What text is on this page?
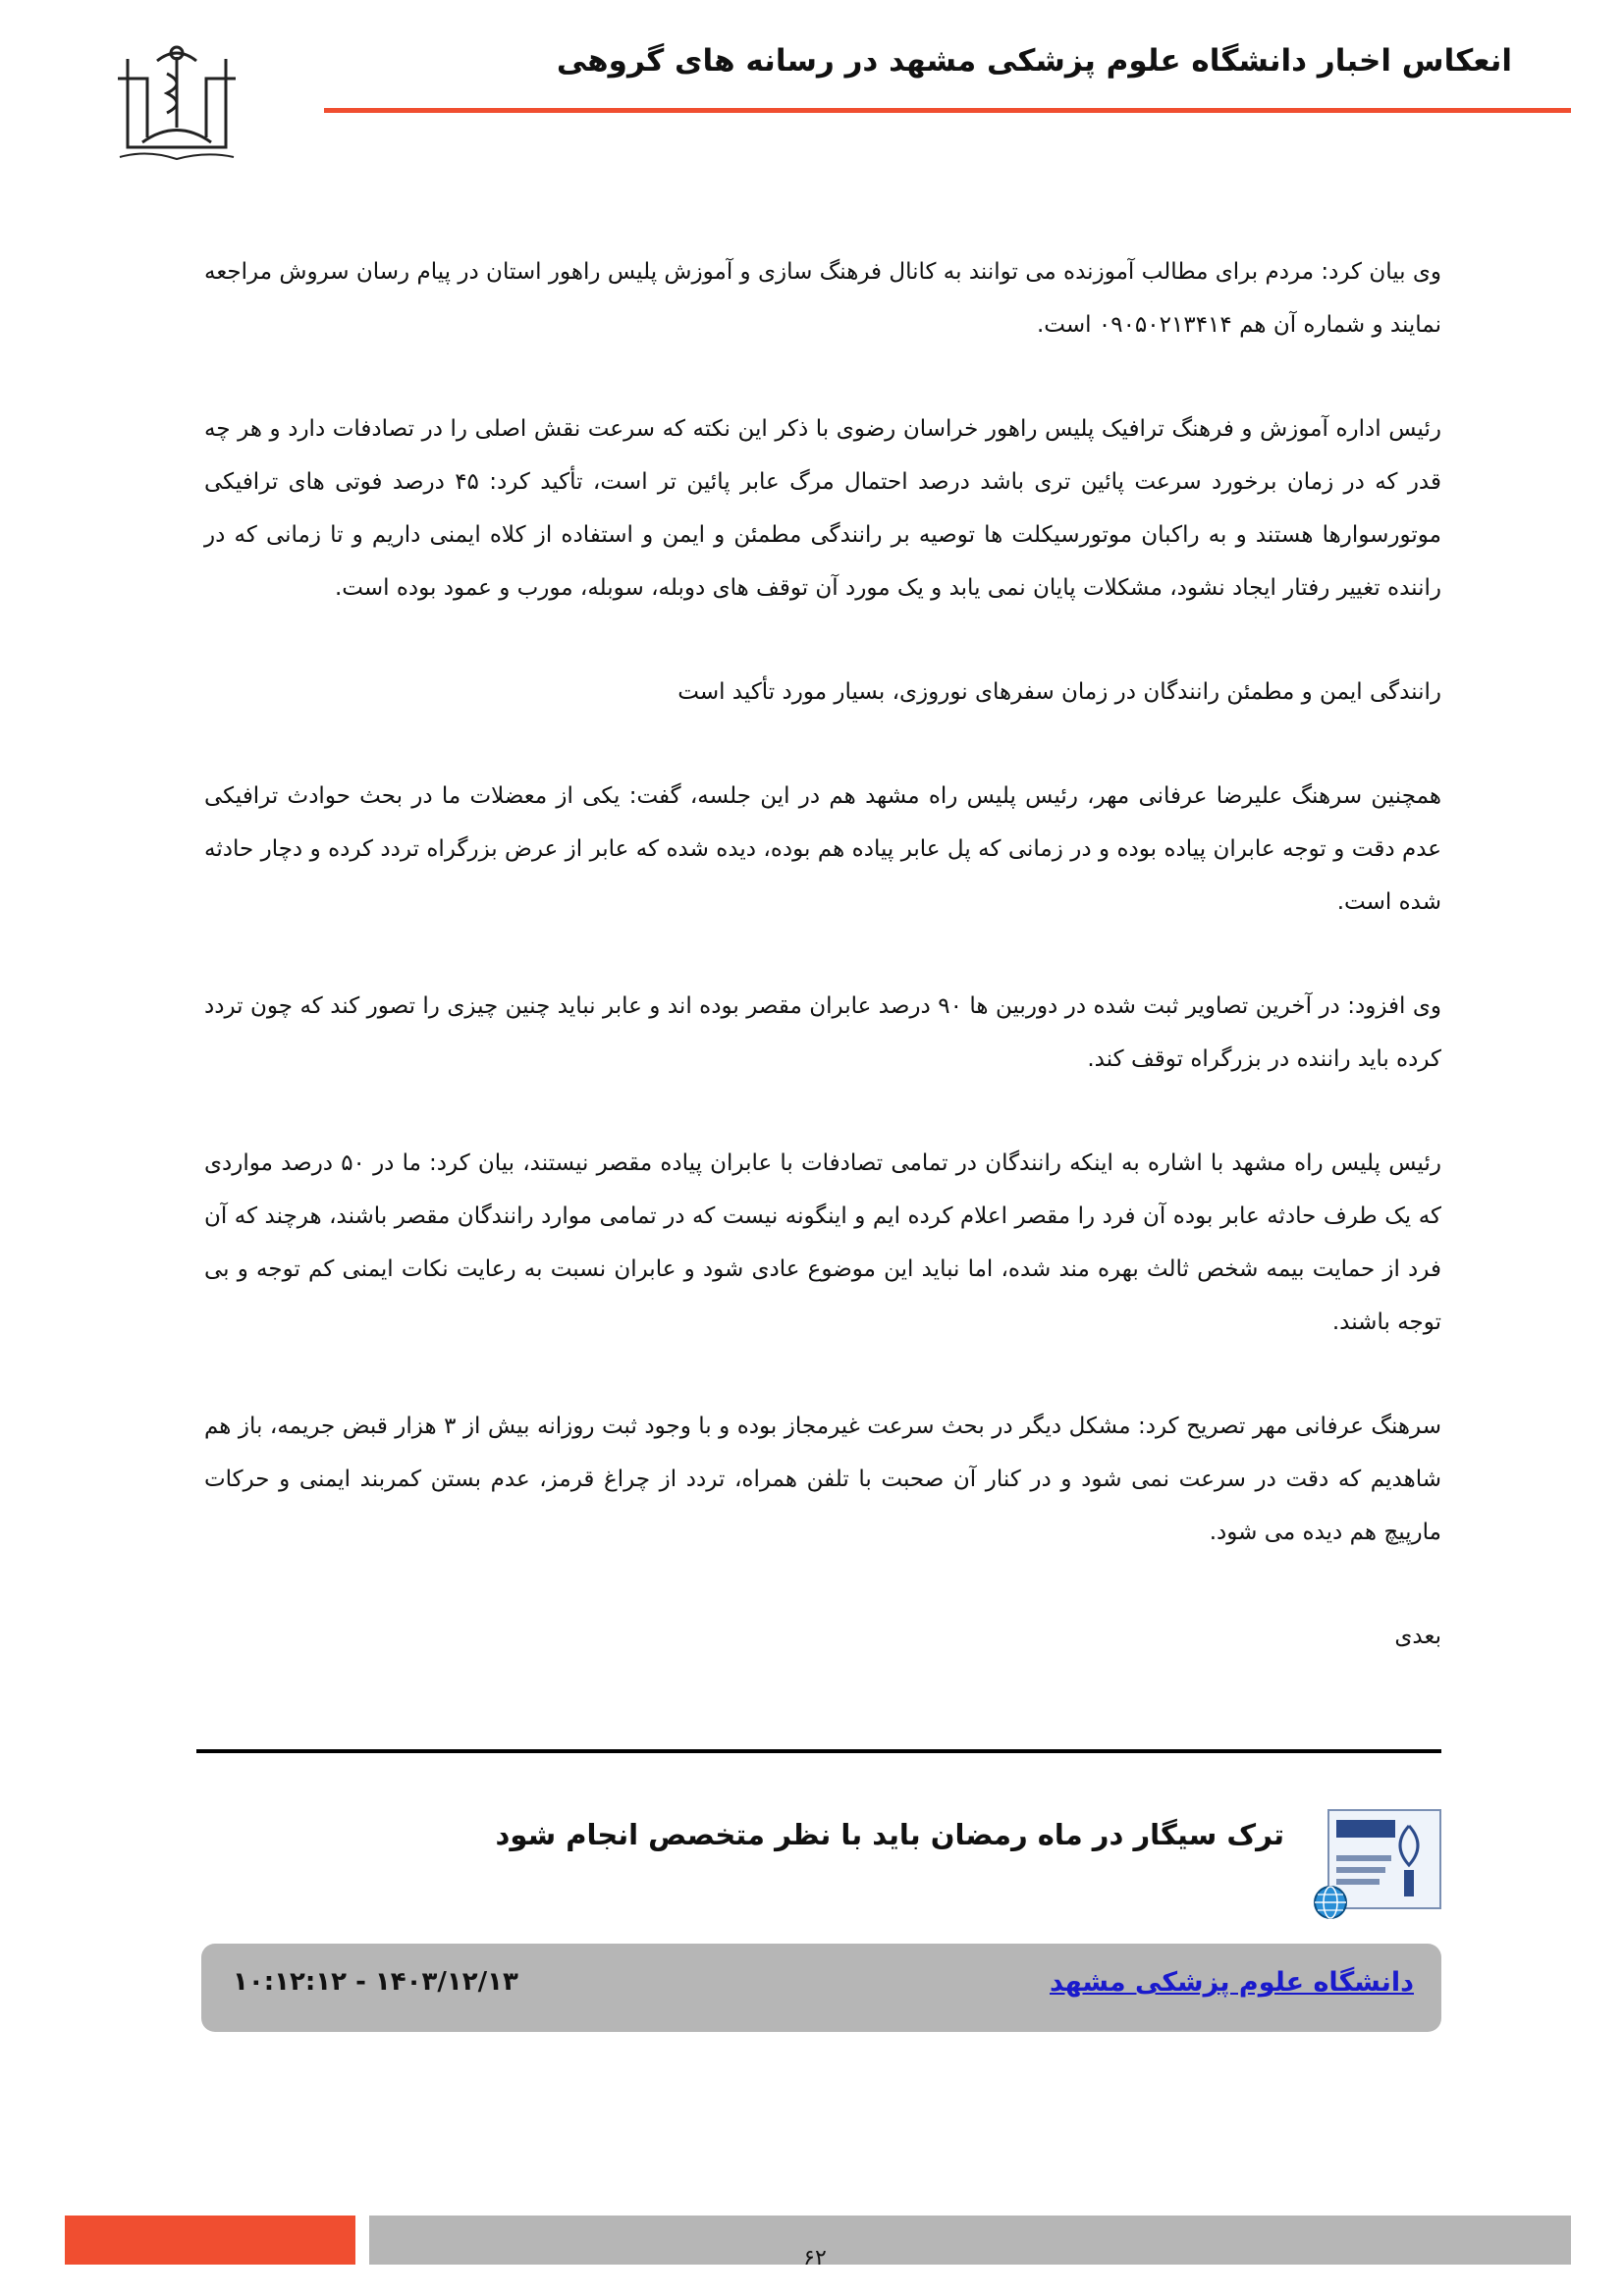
انعکاس اخبار دانشگاه علوم پزشکی مشهد در رسانه های گروهی

وی بیان کرد: مردم برای مطالب آموزنده می توانند به کانال فرهنگ سازی و آموزش پلیس راهور استان در پیام رسان سروش مراجعه نمایند و شماره آن هم ۰۹۰۵۰۲۱۳۴۱۴ است.

رئیس اداره آموزش و فرهنگ ترافیک پلیس راهور خراسان رضوی با ذکر این نکته که سرعت نقش اصلی را در تصادفات دارد و هر چه قدر که در زمان برخورد سرعت پائین تری باشد درصد احتمال مرگ عابر پائین تر است، تأکید کرد: ۴۵ درصد فوتی های ترافیکی موتورسوارها هستند و به راکبان موتورسیکلت ها توصیه بر رانندگی مطمئن و ایمن و استفاده از کلاه ایمنی داریم و تا زمانی که در راننده تغییر رفتار ایجاد نشود، مشکلات پایان نمی یابد و یک مورد آن توقف های دوبله، سوبله، مورب و عمود بوده است.

رانندگی ایمن و مطمئن رانندگان در زمان سفرهای نوروزی، بسیار مورد تأکید است

همچنین سرهنگ علیرضا عرفانی مهر، رئیس پلیس راه مشهد هم در این جلسه، گفت: یکی از معضلات ما در بحث حوادث ترافیکی عدم دقت و توجه عابران پیاده بوده و در زمانی که پل عابر پیاده هم بوده، دیده شده که عابر از عرض بزرگراه تردد کرده و دچار حادثه شده است.

وی افزود: در آخرین تصاویر ثبت شده در دوربین ها ۹۰ درصد عابران مقصر بوده اند و عابر نباید چنین چیزی را تصور کند که چون تردد کرده باید راننده در بزرگراه توقف کند.

رئیس پلیس راه مشهد با اشاره به اینکه رانندگان در تمامی تصادفات با عابران پیاده مقصر نیستند، بیان کرد: ما در ۵۰ درصد مواردی که یک طرف حادثه عابر بوده آن فرد را مقصر اعلام کرده ایم و اینگونه نیست که در تمامی موارد رانندگان مقصر باشند، هرچند که آن فرد از حمایت بیمه شخص ثالث بهره مند شده، اما نباید این موضوع عادی شود و عابران نسبت به رعایت نکات ایمنی کم توجه و بی توجه باشند.

سرهنگ عرفانی مهر تصریح کرد: مشکل دیگر در بحث سرعت غیرمجاز بوده و با وجود ثبت روزانه بیش از ۳ هزار قبض جریمه، باز هم شاهدیم که دقت در سرعت نمی شود و در کنار آن صحبت با تلفن همراه، تردد از چراغ قرمز، عدم بستن کمربند ایمنی و حرکات مارپیچ هم دیده می شود.

بعدی

ترک سیگار در ماه رمضان باید با نظر متخصص انجام شود
دانشگاه علوم پزشکی مشهد
۱۴۰۳/۱۲/۱۳ - ۱۰:۱۲:۱۲
۶۲
